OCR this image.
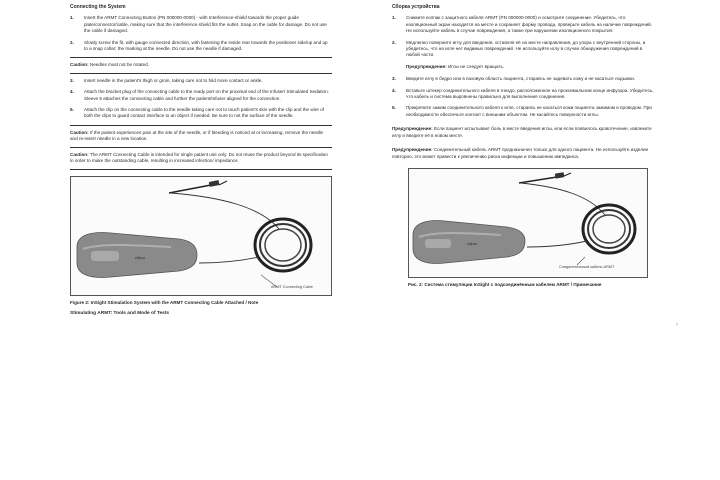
Connecting the System
1.	Insert the ARMT Connecting Button (PN 000000-0000) - with Interference-shield towards the proper guide plate/connector/cable, making sure that the interference shield fits the outlet. Snap on the cable for damage. Do not use the cable if damaged.
2.	Slowly screw the fit, with gauge connected direction, with fastening the inside rear towards the positioner side/up and up to a snap collar; the marking at the needle. Do not use the needle if damaged.
Caution: Needles must not be rotated.
3.	Insert needle in the patient's thigh or groin, taking care not to fold more contact or ankle.
4.	Attach the bracket plug of the connecting cable to the ready port on the proximal end of the Infuser/ Stimulated Sedation. Sleeve 5 attaches the connecting cable and further the patient/Infuser aligned for the connection.
5.	Attach the clip on the connecting cable to the needle taking care not to touch patient's skin with the clip and the wire of both the clips to guard contact interface to an object if needed. Be sure to not the surface of the needle.
Caution: If the patient experiences pain at the site of the needle, or if bleeding is noticed at or increasing, remove the needle and re-insert needle in a new location.
Caution: The ARMT Connecting Cable is intended for single patient use only. Do not reuse the product beyond its specification in order to make the outstanding cable, resulting in increased infection/ impedance.
ellipse
ARMT Connecting Cable
Figure 2: InSight Stimulation System with the ARMT Connecting Cable Attached / Note
Stimulating ARMT: Tools and Mode of Tests
Сборка устройства
1.	Снимите колпак с защитного кабеля ARMT (PN 000000-0000) и осмотрите соединение. Убедитесь, что изоляционный экран находится на месте и сохраняет форму провода, проверьте кабель на наличие повреждений. Не используйте кабель в случае повреждения, а также при нарушении изоляционного покрытия.
2.	Медленно поверните иглу для введения, оставляя её на месте направления, до упора с внутренней стороны, и убедитесь, что на игле нет видимых повреждений. Не используйте иглу в случае обнаружения повреждений в любой части.
Предупреждение: Иглы не следует вращать.
3.	Введите иглу в бедро или в паховую область пациента, стараясь не задевать кожу и не касаться лодыжки.
4.	Вставьте штекер соединительного кабеля в гнездо, расположенное на проксимальном конце инфузора. Убедитесь, что кабель и система выровнены правильно для выполнения соединения.
5.	Прикрепите зажим соединительного кабеля к игле, стараясь не касаться кожи пациента зажимом и проводом. При необходимости обеспечьте контакт с внешним объектом. Не касайтесь поверхности иглы.
Предупреждение: Если пациент испытывает боль в месте введения иглы, или если появилось кровотечение, извлеките иглу и введите её в новом месте.
Предупреждение: Соединительный кабель ARMT предназначен только для одного пациента. Не используйте изделие повторно, это может привести к увеличению риска инфекции и повышению импеданса.
ellipse
Соединительный кабель ARMT
Рис. 2: Система стимуляции InSight с подсоединённым кабелем ARMT / Примечание
›
